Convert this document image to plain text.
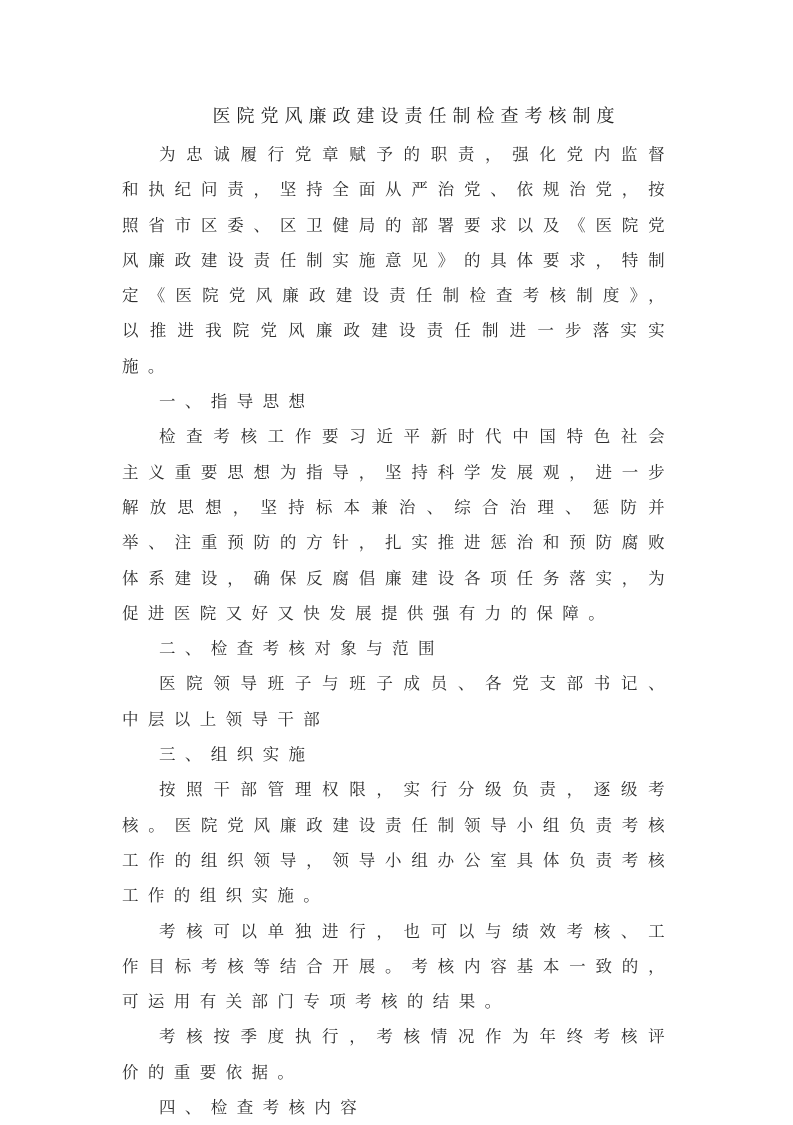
医院党风廉政建设责任制检查考核制度

为忠诚履行党章赋予的职责，强化党内监督和执纪问责，坚持全面从严治党、依规治党，按照省市区委、区卫健局的部署要求以及《医院党风廉政建设责任制实施意见》的具体要求，特制定《医院党风廉政建设责任制检查考核制度》，以推进我院党风廉政建设责任制进一步落实实施。

一、指导思想

检查考核工作要习近平新时代中国特色社会主义重要思想为指导，坚持科学发展观，进一步解放思想，坚持标本兼治、综合治理、惩防并举、注重预防的方针，扎实推进惩治和预防腐败体系建设，确保反腐倡廉建设各项任务落实，为促进医院又好又快发展提供强有力的保障。

二、检查考核对象与范围

医院领导班子与班子成员、各党支部书记、中层以上领导干部

三、组织实施

按照干部管理权限，实行分级负责，逐级考核。医院党风廉政建设责任制领导小组负责考核工作的组织领导，领导小组办公室具体负责考核工作的组织实施。

考核可以单独进行，也可以与绩效考核、工作目标考核等结合开展。考核内容基本一致的，可运用有关部门专项考核的结果。

考核按季度执行，考核情况作为年终考核评价的重要依据。

四、检查考核内容
